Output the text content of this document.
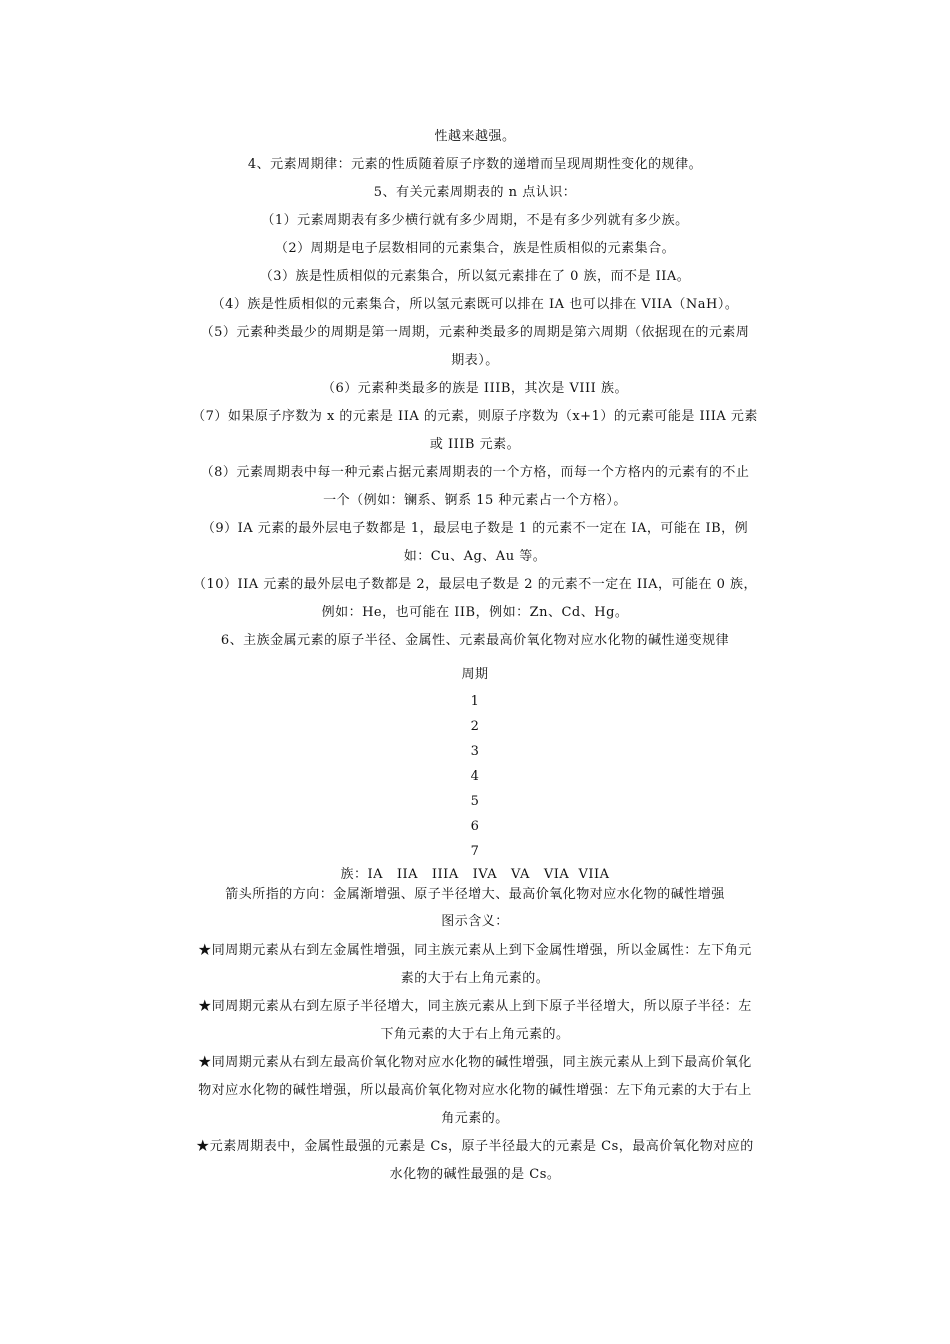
性越来越强。
4、元素周期律：元素的性质随着原子序数的递增而呈现周期性变化的规律。
5、有关元素周期表的 n 点认识：
（1）元素周期表有多少横行就有多少周期，不是有多少列就有多少族。
（2）周期是电子层数相同的元素集合，族是性质相似的元素集合。
（3）族是性质相似的元素集合，所以氦元素排在了 0 族，而不是 IIA。
（4）族是性质相似的元素集合，所以氢元素既可以排在 IA 也可以排在 VIIA（NaH）。
（5）元素种类最少的周期是第一周期，元素种类最多的周期是第六周期（依据现在的元素周
期表）。
（6）元素种类最多的族是 IIIB，其次是 VIII 族。
（7）如果原子序数为 x 的元素是 IIA 的元素，则原子序数为（x+1）的元素可能是 IIIA 元素
或 IIIB 元素。
（8）元素周期表中每一种元素占据元素周期表的一个方格，而每一个方格内的元素有的不止
一个（例如：镧系、锕系 15 种元素占一个方格）。
（9）IA 元素的最外层电子数都是 1，最层电子数是 1 的元素不一定在 IA，可能在 IB，例
如：Cu、Ag、Au 等。
（10）IIA 元素的最外层电子数都是 2，最层电子数是 2 的元素不一定在 IIA，可能在 0 族，
例如：He，也可能在 IIB，例如：Zn、Cd、Hg。
6、主族金属元素的原子半径、金属性、元素最高价氧化物对应水化物的碱性递变规律
周期
1
2
3
4
5
6
7
族：IA   IIA   IIIA   IVA   VA   VIA  VIIA
箭头所指的方向：金属渐增强、原子半径增大、最高价氧化物对应水化物的碱性增强
图示含义：
★同周期元素从右到左金属性增强，同主族元素从上到下金属性增强，所以金属性：左下角元
素的大于右上角元素的。
★同周期元素从右到左原子半径增大，同主族元素从上到下原子半径增大，所以原子半径：左
下角元素的大于右上角元素的。
★同周期元素从右到左最高价氧化物对应水化物的碱性增强，同主族元素从上到下最高价氧化
物对应水化物的碱性增强，所以最高价氧化物对应水化物的碱性增强：左下角元素的大于右上
角元素的。
★元素周期表中，金属性最强的元素是 Cs，原子半径最大的元素是 Cs，最高价氧化物对应的
水化物的碱性最强的是 Cs。
